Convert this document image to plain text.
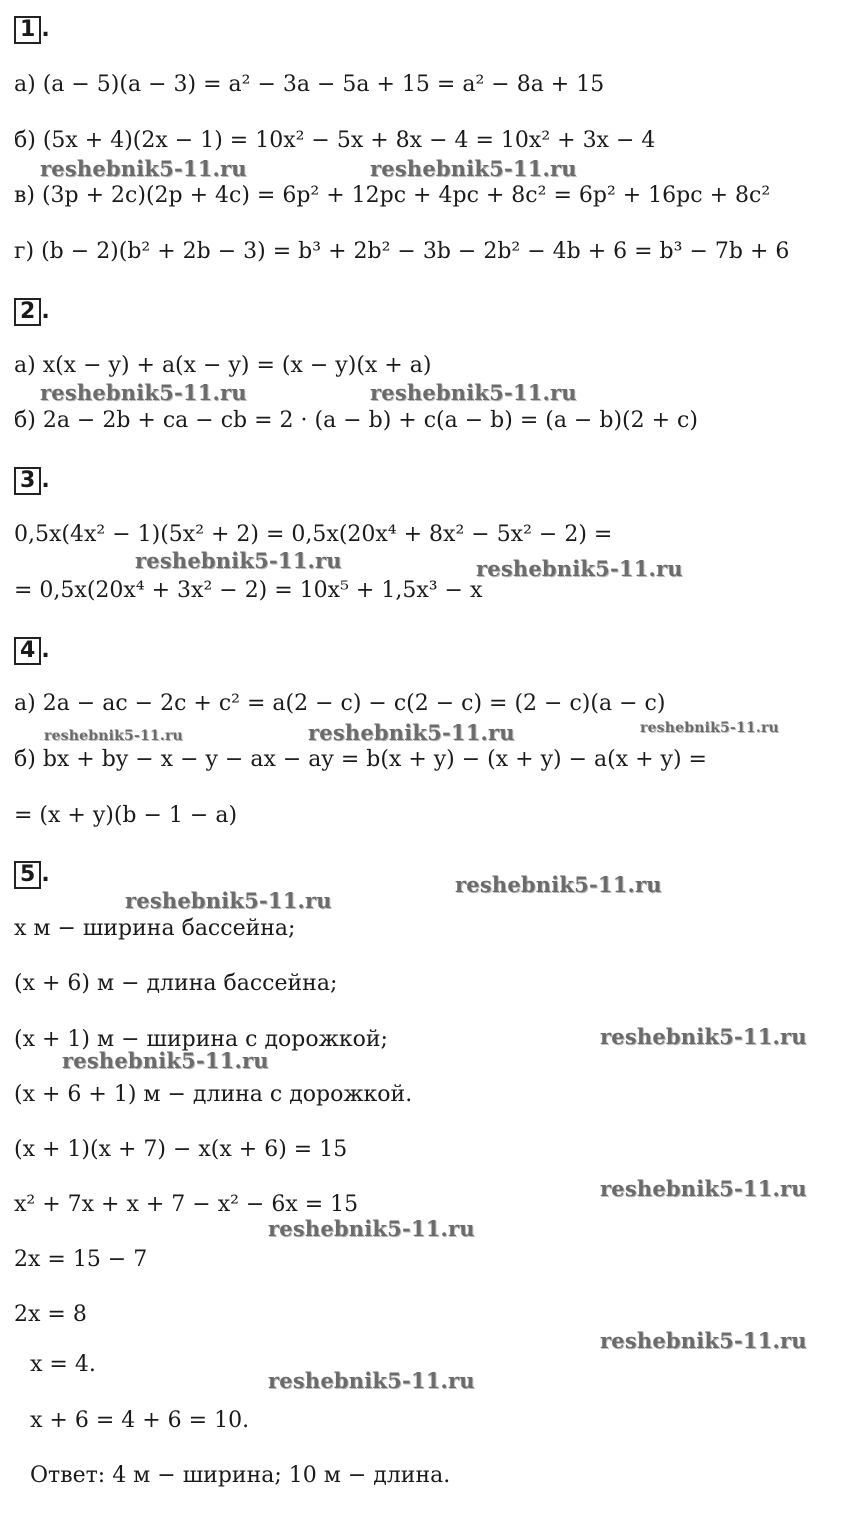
1 .
а) (a − 5)(a − 3) = a² − 3a − 5a + 15 = a² − 8a + 15
б) (5x + 4)(2x − 1) = 10x² − 5x + 8x − 4 = 10x² + 3x − 4
в) (3p + 2c)(2p + 4c) = 6p² + 12pc + 4pc + 8c² = 6p² + 16pc + 8c²
г) (b − 2)(b² + 2b − 3) = b³ + 2b² − 3b − 2b² − 4b + 6 = b³ − 7b + 6
2 .
а) x(x − y) + a(x − y) = (x − y)(x + a)
б) 2a − 2b + ca − cb = 2 · (a − b) + c(a − b) = (a − b)(2 + c)
3 .
0,5x(4x² − 1)(5x² + 2) = 0,5x(20x⁴ + 8x² − 5x² − 2) =
= 0,5x(20x⁴ + 3x² − 2) = 10x⁵ + 1,5x³ − x
4 .
а) 2a − ac − 2c + c² = a(2 − c) − c(2 − c) = (2 − c)(a − c)
б) bx + by − x − y − ax − ay = b(x + y) − (x + y) − a(x + y) =
= (x + y)(b − 1 − a)
5 .
x м − ширина бассейна;
(x + 6) м − длина бассейна;
(x + 1) м − ширина с дорожкой;
(x + 6 + 1) м − длина с дорожкой.
(x + 1)(x + 7) − x(x + 6) = 15
x² + 7x + x + 7 − x² − 6x = 15
2x = 15 − 7
2x = 8
x = 4.
x + 6 = 4 + 6 = 10.
Ответ: 4 м − ширина; 10 м − длина.
reshebnik5-11.ru	reshebnik5-11.ru
reshebnik5-11.ru	reshebnik5-11.ru
reshebnik5-11.ru	reshebnik5-11.ru
reshebnik5-11.ru	reshebnik5-11.ru	reshebnik5-11.ru
reshebnik5-11.ru
reshebnik5-11.ru
reshebnik5-11.ru
reshebnik5-11.ru
reshebnik5-11.ru
reshebnik5-11.ru
reshebnik5-11.ru
reshebnik5-11.ru
